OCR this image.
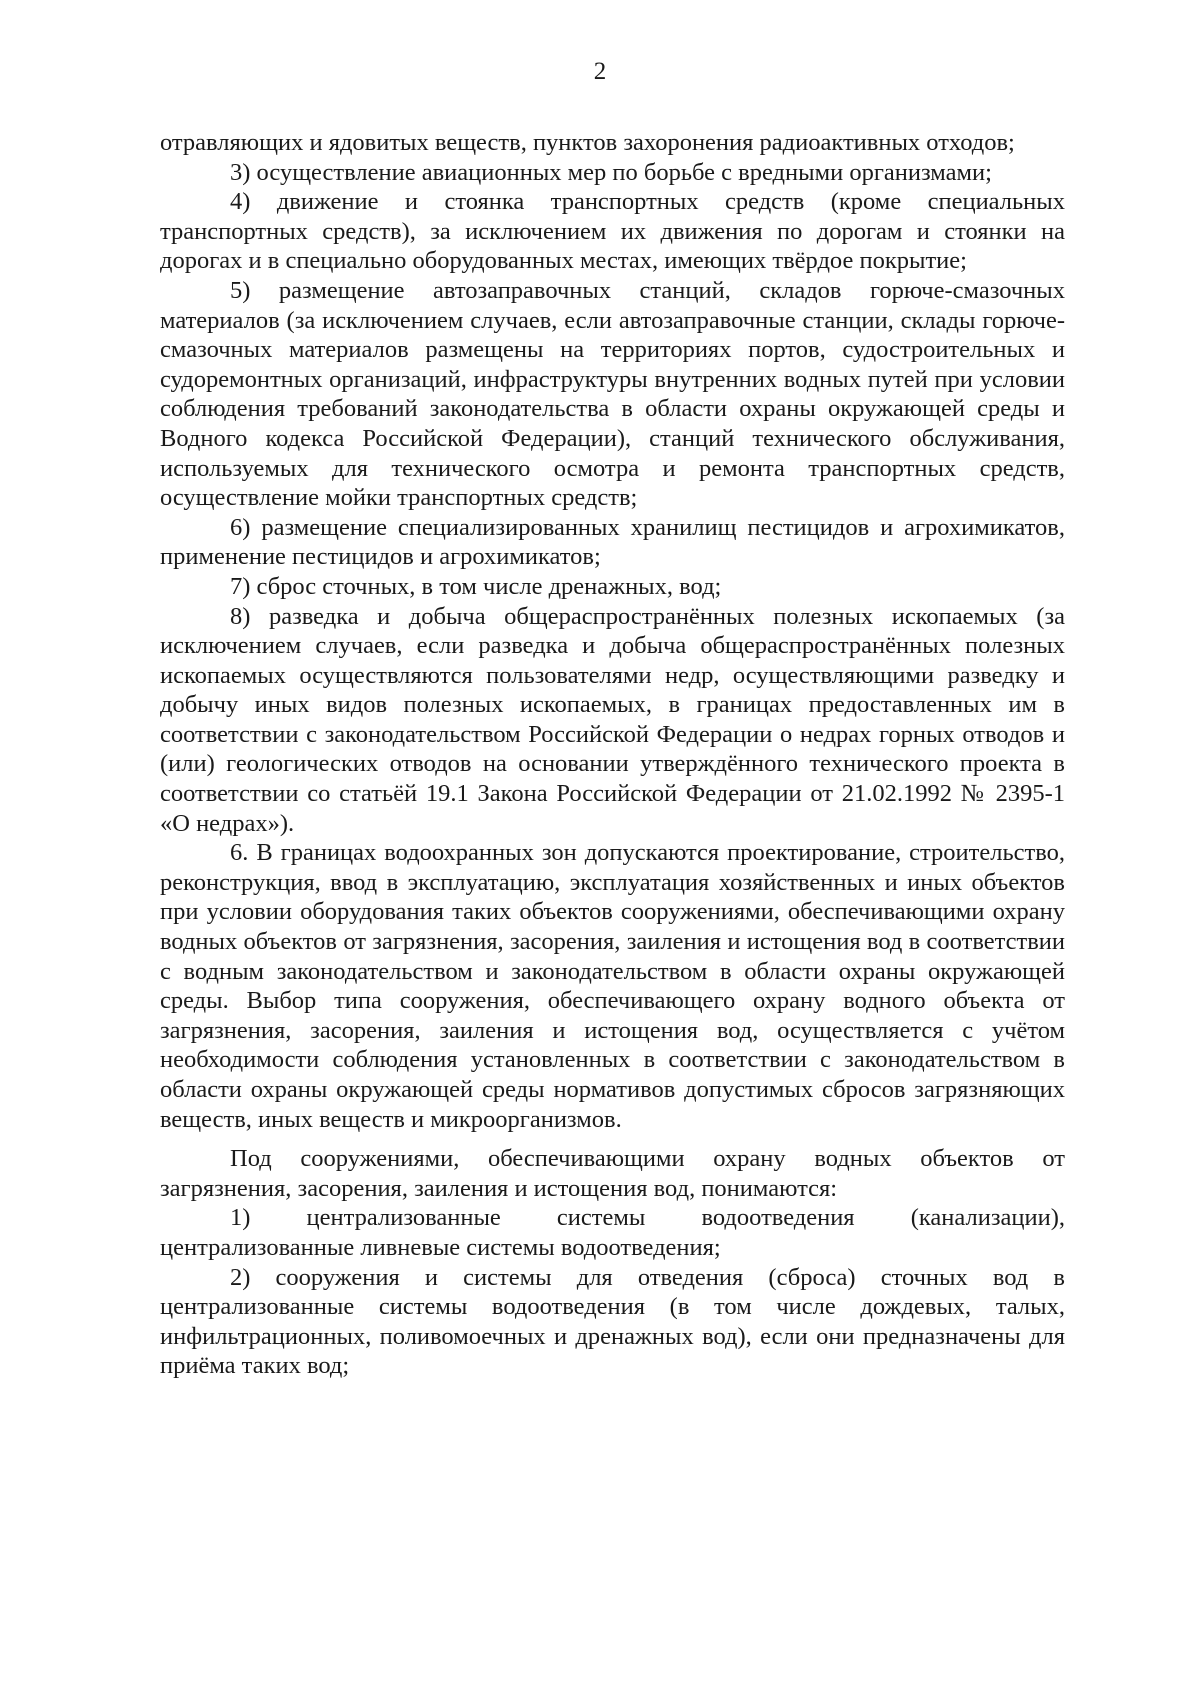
2

отравляющих и ядовитых веществ, пунктов захоронения радиоактивных отходов;

3) осуществление авиационных мер по борьбе с вредными организмами;

4) движение и стоянка транспортных средств (кроме специальных транспортных средств), за исключением их движения по дорогам и стоянки на дорогах и в специально оборудованных местах, имеющих твёрдое покрытие;

5) размещение автозаправочных станций, складов горюче-смазочных материалов (за исключением случаев, если автозаправочные станции, склады горюче-смазочных материалов размещены на территориях портов, судостроительных и судоремонтных организаций, инфраструктуры внутренних водных путей при условии соблюдения требований законодательства в области охраны окружающей среды и Водного кодекса Российской Федерации), станций технического обслуживания, используемых для технического осмотра и ремонта транспортных средств, осуществление мойки транспортных средств;

6) размещение специализированных хранилищ пестицидов и агрохимикатов, применение пестицидов и агрохимикатов;

7) сброс сточных, в том числе дренажных, вод;

8) разведка и добыча общераспространённых полезных ископаемых (за исключением случаев, если разведка и добыча общераспространённых полезных ископаемых осуществляются пользователями недр, осуществляющими разведку и добычу иных видов полезных ископаемых, в границах предоставленных им в соответствии с законодательством Российской Федерации о недрах горных отводов и (или) геологических отводов на основании утверждённого технического проекта в соответствии со статьёй 19.1 Закона Российской Федерации от 21.02.1992 № 2395-1 «О недрах»).

6. В границах водоохранных зон допускаются проектирование, строительство, реконструкция, ввод в эксплуатацию, эксплуатация хозяйственных и иных объектов при условии оборудования таких объектов сооружениями, обеспечивающими охрану водных объектов от загрязнения, засорения, заиления и истощения вод в соответствии с водным законодательством и законодательством в области охраны окружающей среды. Выбор типа сооружения, обеспечивающего охрану водного объекта от загрязнения, засорения, заиления и истощения вод, осуществляется с учётом необходимости соблюдения установленных в соответствии с законодательством в области охраны окружающей среды нормативов допустимых сбросов загрязняющих веществ, иных веществ и микроорганизмов.

Под сооружениями, обеспечивающими охрану водных объектов от загрязнения, засорения, заиления и истощения вод, понимаются:

1) централизованные системы водоотведения (канализации), централизованные ливневые системы водоотведения;

2) сооружения и системы для отведения (сброса) сточных вод в централизованные системы водоотведения (в том числе дождевых, талых, инфильтрационных, поливомоечных и дренажных вод), если они предназначены для приёма таких вод;
